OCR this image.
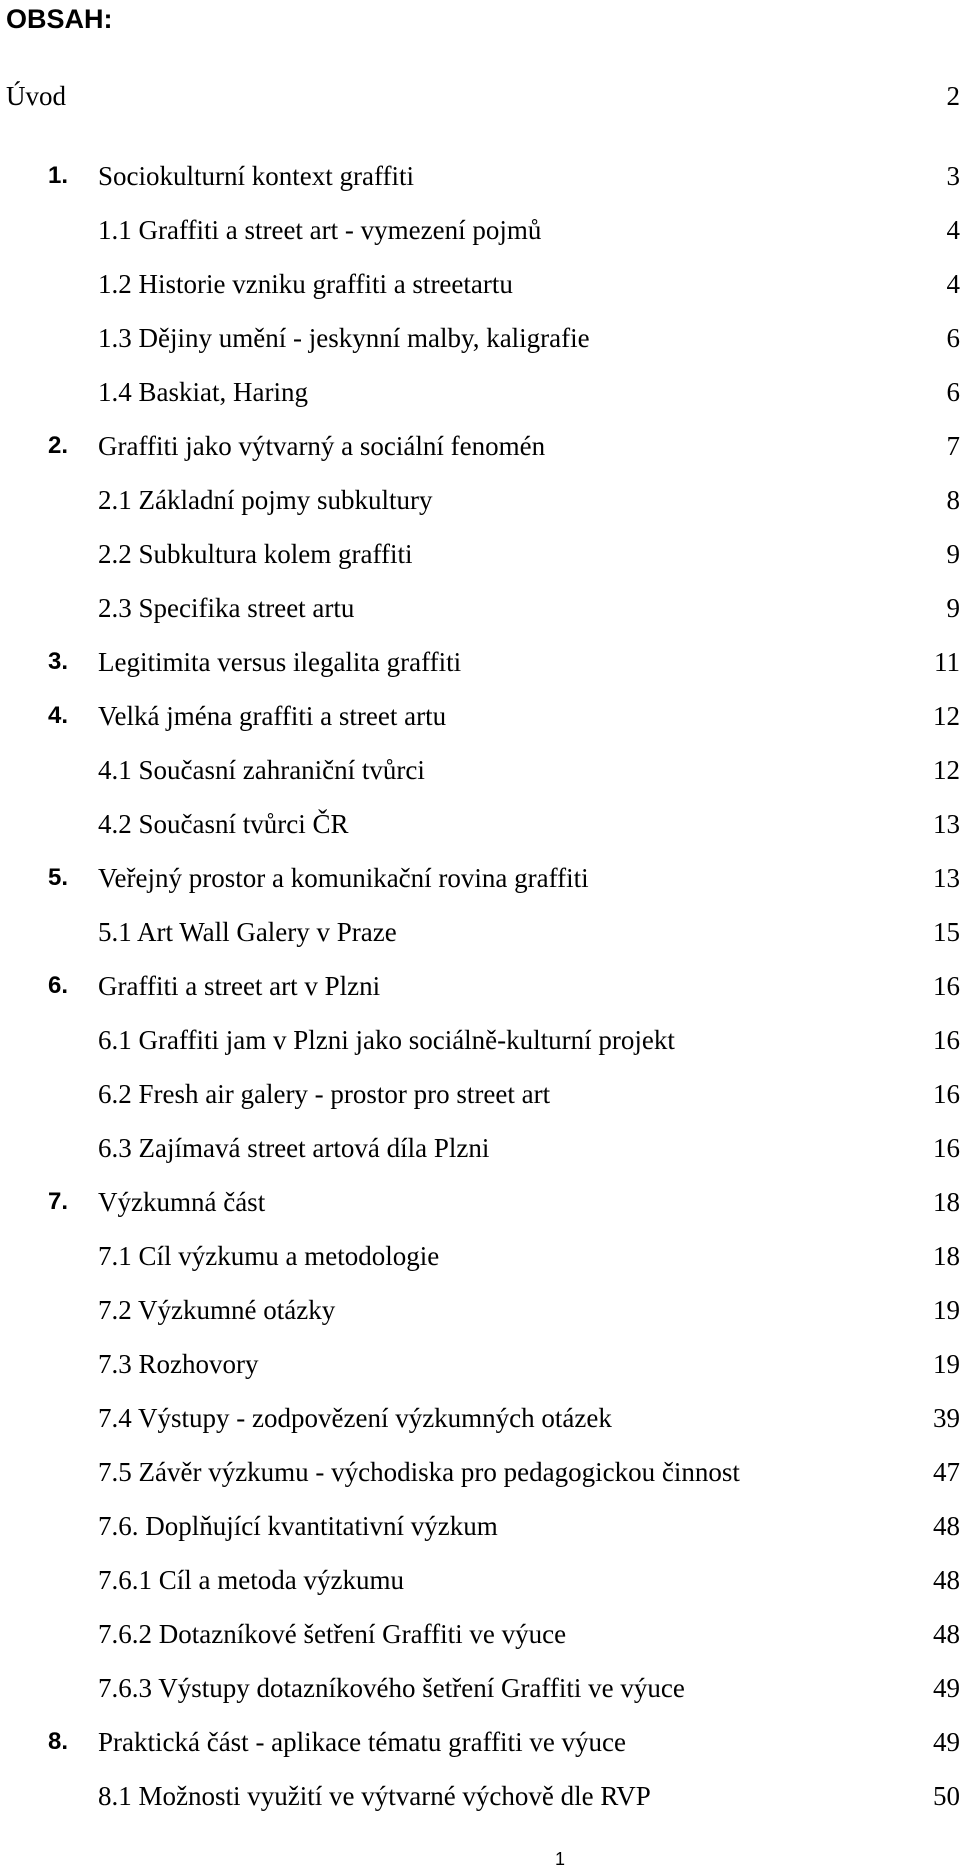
OBSAH:
Úvod	2
1. Sociokulturní kontext graffiti	3
1.1 Graffiti a street art - vymezení pojmů	4
1.2 Historie vzniku graffiti a streetartu	4
1.3 Dějiny umění - jeskynní malby, kaligrafie	6
1.4 Baskiat, Haring	6
2. Graffiti jako výtvarný a sociální fenomén	7
2.1 Základní pojmy subkultury	8
2.2 Subkultura kolem graffiti	9
2.3 Specifika street artu	9
3. Legitimita versus ilegalita graffiti	11
4. Velká jména graffiti a street artu	12
4.1 Současní zahraniční tvůrci	12
4.2 Současní tvůrci ČR	13
5. Veřejný prostor a komunikační rovina graffiti	13
5.1 Art Wall Galery v Praze	15
6. Graffiti a street art v Plzni	16
6.1 Graffiti jam v Plzni jako sociálně-kulturní projekt	16
6.2 Fresh air galery - prostor pro street art	16
6.3 Zajímavá street artová díla Plzni	16
7. Výzkumná část	18
7.1 Cíl výzkumu a metodologie	18
7.2 Výzkumné otázky	19
7.3 Rozhovory	19
7.4 Výstupy - zodpovězení výzkumných otázek	39
7.5 Závěr výzkumu - východiska pro pedagogickou činnost	47
7.6. Doplňující kvantitativní výzkum	48
7.6.1 Cíl a metoda výzkumu	48
7.6.2 Dotazníkové šetření Graffiti ve výuce	48
7.6.3 Výstupy dotazníkového šetření Graffiti ve výuce	49
8. Praktická část - aplikace tématu graffiti ve výuce	49
8.1 Možnosti využití ve výtvarné výchově dle RVP	50
1
